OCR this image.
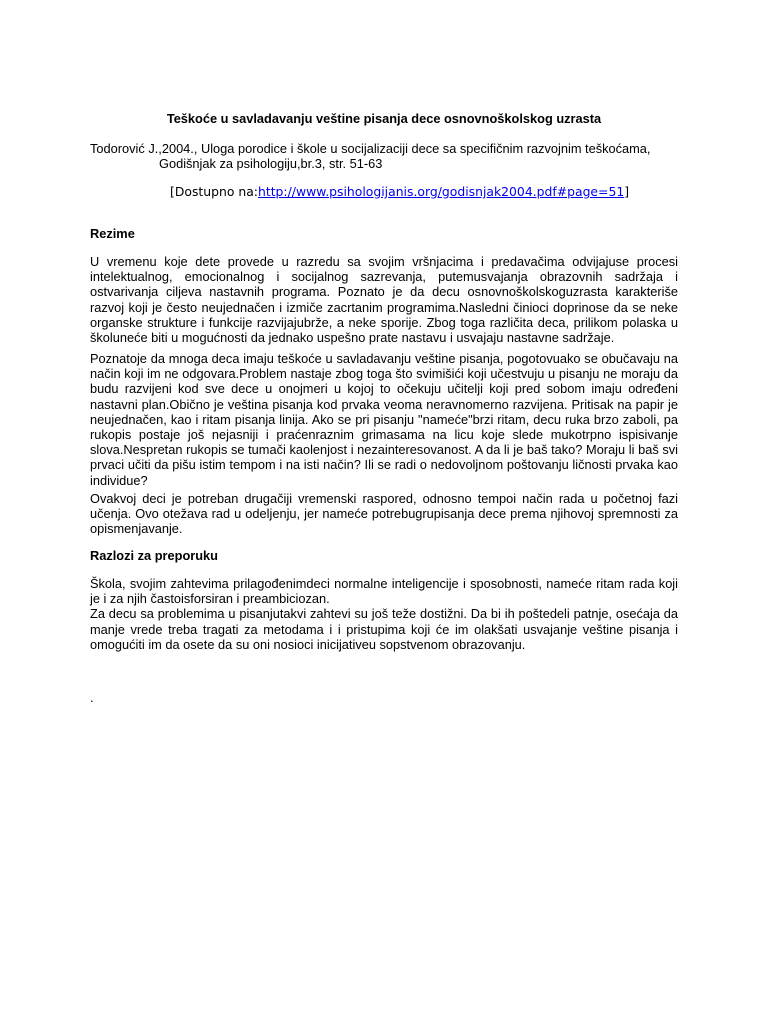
Teškoće u savladavanju veštine pisanja dece osnovnoškolskog uzrasta

Todorović J.,2004., Uloga porodice i škole u socijalizaciji dece sa specifičnim razvojnim teškoćama,
Godišnjak za psihologiju,br.3, str. 51-63

[Dostupno na:http://www.psihologijanis.org/godisnjak2004.pdf#page=51]

Rezime

U vremenu koje dete provede u razredu sa svojim vršnjacima i predavačima odvijajuse procesi intelektualnog, emocionalnog i socijalnog sazrevanja, putemusvajanja obrazovnih sadržaja i ostvarivanja ciljeva nastavnih programa. Poznato je da decu osnovnoškolskoguzrasta karakteriše razvoj koji je često neujednačen i izmiče zacrtanim programima.Naslednі činioci doprinose da se neke organske strukture i funkcije razvijajubrže, a neke sporije. Zbog toga različita deca, prilikom polaska u školuneće biti u mogućnosti da jednako uspešno prate nastavu i usvajaju nastavne sadržaje.

Poznatoje da mnoga deca imaju teškoće u savladavanju veštine pisanja, pogotovuako se obučavaju na način koji im ne odgovara.Problem nastaje zbog toga što svimišići koji učestvuju u pisanju ne moraju da budu razvijeni kod sve dece u onojmeri u kojoj to očekuju učitelji koji pred sobom imaju određeni nastavni plan.Obično je veština pisanja kod prvaka veoma neravnomerno razvijena. Pritisak na papir je neujednačen, kao i ritam pisanja linija. Ako se pri pisanju "nameće"brzi ritam, decu ruka brzo zaboli, pa rukopis postaje još nejasniji i praćenraznim grimasama na licu koje slede mukotrpno ispisivanje slova.Nespretan rukopis se tumači kaolenjost i nezainteresovanost. A da li je baš tako? Moraju li baš svi prvaci učiti da pišu istim tempom i na isti način? Ili se radi o nedovoljnom poštovanju ličnosti prvaka kao individue?

Ovakvoj deci je potreban drugačiji vremenski raspored, odnosno tempoi način rada u početnoj fazi učenja. Ovo otežava rad u odeljenju, jer nameće potrebugrupisanja dece prema njihovoj spremnosti za opismenjavanje.

Razlozi za preporuku

Škola, svojim zahtevima prilagođenimdeci normalne inteligencije i sposobnosti, nameće ritam rada koji je i za njih častoisforsiran i preambiciozan.
Za decu sa problemima u pisanjutakvi zahtevi su još teže dostižni. Da bi ih poštedeli patnje, osećaja da manje vrede treba tragati za metodama i i pristupima koji će im olakšati usvajanje veštine pisanja i omogućiti im da osete da su oni nosioci inicijativeu sopstvenom obrazovanju.

.
